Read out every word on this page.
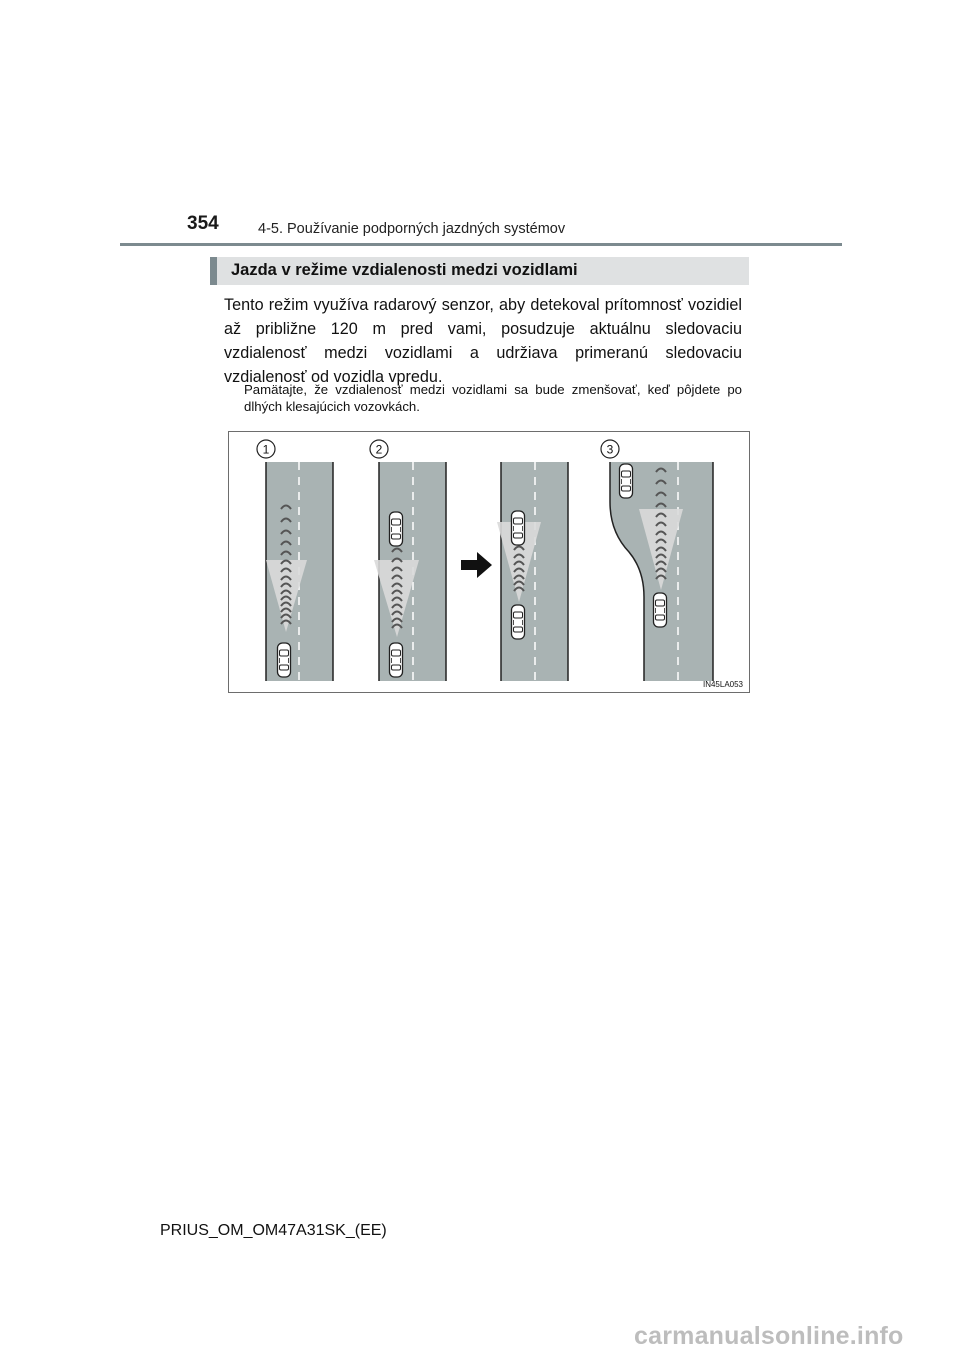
354	4-5. Používanie podporných jazdných systémov
Jazda v režime vzdialenosti medzi vozidlami
Tento režim využíva radarový senzor, aby detekoval prítomnosť vozidiel až približne 120 m pred vami, posudzuje aktuálnu sledovaciu vzdialenosť medzi vozidlami a udržiava primeranú sledovaciu vzdialenosť od vozidla vpredu.
Pamätajte, že vzdialenosť medzi vozidlami sa bude zmenšovať, keď pôjdete po dlhých klesajúcich vozovkách.
1	2	3
IN45LA053
PRIUS_OM_OM47A31SK_(EE)
carmanualsonline.info
